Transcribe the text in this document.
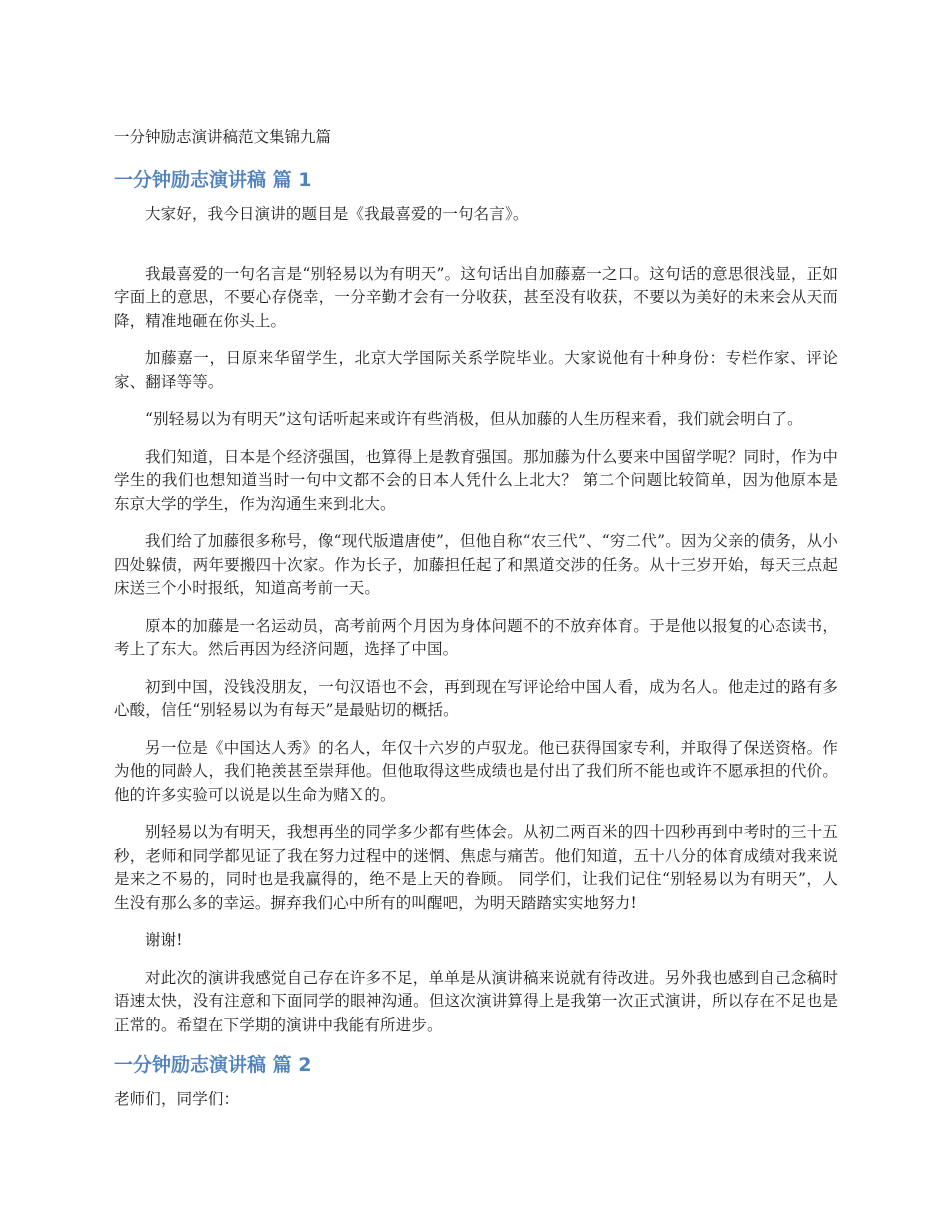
一分钟励志演讲稿范文集锦九篇
一分钟励志演讲稿 篇 1

大家好，我今日演讲的题目是《我最喜爱的一句名言》。

我最喜爱的一句名言是“别轻易以为有明天”。这句话出自加藤嘉一之口。这句话的意思很浅显，正如字面上的意思，不要心存侥幸，一分辛勤才会有一分收获，甚至没有收获，不要以为美好的未来会从天而降，精准地砸在你头上。

加藤嘉一，日原来华留学生，北京大学国际关系学院毕业。大家说他有十种身份：专栏作家、评论家、翻译等等。

“别轻易以为有明天”这句话听起来或许有些消极，但从加藤的人生历程来看，我们就会明白了。

我们知道，日本是个经济强国，也算得上是教育强国。那加藤为什么要来中国留学呢？同时，作为中学生的我们也想知道当时一句中文都不会的日本人凭什么上北大？ 第二个问题比较简单，因为他原本是东京大学的学生，作为沟通生来到北大。

我们给了加藤很多称号，像“现代版遣唐使”，但他自称“农三代”、“穷二代”。因为父亲的债务，从小四处躲债，两年要搬四十次家。作为长子，加藤担任起了和黑道交涉的任务。从十三岁开始，每天三点起床送三个小时报纸，知道高考前一天。

原本的加藤是一名运动员，高考前两个月因为身体问题不的不放弃体育。于是他以报复的心态读书，考上了东大。然后再因为经济问题，选择了中国。

初到中国，没钱没朋友，一句汉语也不会，再到现在写评论给中国人看，成为名人。他走过的路有多心酸，信任“别轻易以为有每天”是最贴切的概括。

另一位是《中国达人秀》的名人，年仅十六岁的卢驭龙。他已获得国家专利，并取得了保送资格。作为他的同龄人，我们艳羡甚至崇拜他。但他取得这些成绩也是付出了我们所不能也或许不愿承担的代价。他的许多实验可以说是以生命为赌Ｘ的。

别轻易以为有明天，我想再坐的同学多少都有些体会。从初二两百米的四十四秒再到中考时的三十五秒，老师和同学都见证了我在努力过程中的迷惘、焦虑与痛苦。他们知道，五十八分的体育成绩对我来说是来之不易的，同时也是我赢得的，绝不是上天的眷顾。 同学们，让我们记住“别轻易以为有明天”，人生没有那么多的幸运。摒弃我们心中所有的叫醒吧，为明天踏踏实实地努力!

谢谢!

对此次的演讲我感觉自己存在许多不足，单单是从演讲稿来说就有待改进。另外我也感到自己念稿时语速太快，没有注意和下面同学的眼神沟通。但这次演讲算得上是我第一次正式演讲，所以存在不足也是正常的。希望在下学期的演讲中我能有所进步。

一分钟励志演讲稿 篇 2

老师们，同学们：
